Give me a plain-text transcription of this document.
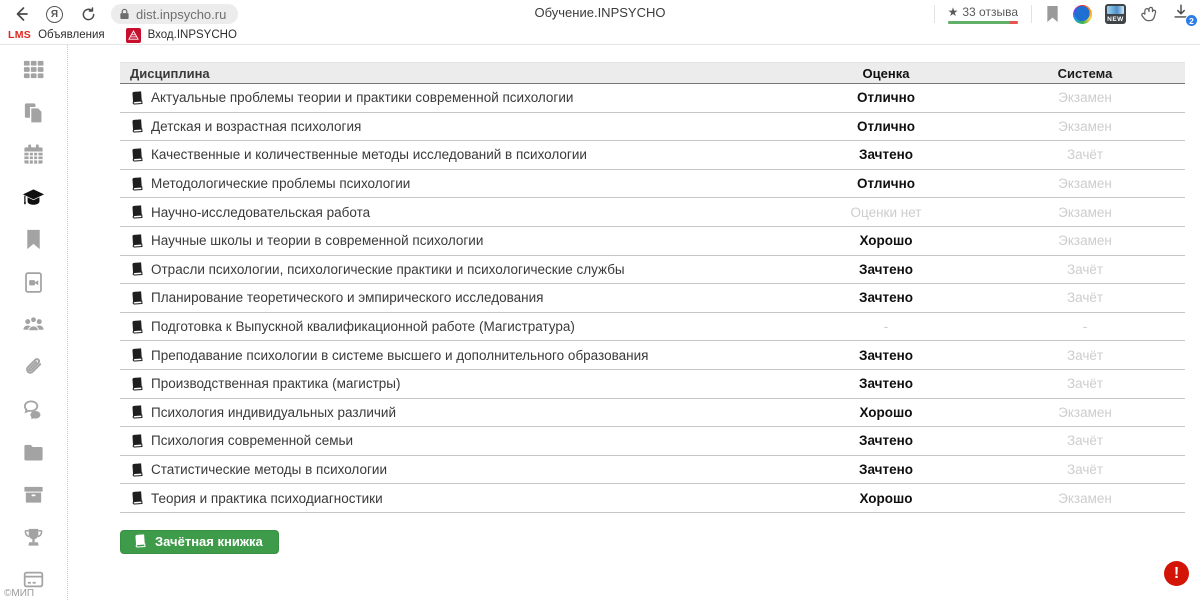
Я	dist.inpsycho.ru	Обучение.INPSYCHO	★ 33 отзыва
NEW	2
LMS Объявления	Вход.INPSYCHO
©МИП
Дисциплина	Оценка	Система
Актуальные проблемы теории и практики современной психологии	Отлично	Экзамен
Детская и возрастная психология	Отлично	Экзамен
Качественные и количественные методы исследований в психологии	Зачтено	Зачёт
Методологические проблемы психологии	Отлично	Экзамен
Научно-исследовательская работа	Оценки нет	Экзамен
Научные школы и теории в современной психологии	Хорошо	Экзамен
Отрасли психологии, психологические практики и психологические службы	Зачтено	Зачёт
Планирование теоретического и эмпирического исследования	Зачтено	Зачёт
Подготовка к Выпускной квалификационной работе (Магистратура)	-	-
Преподавание психологии в системе высшего и дополнительного образования	Зачтено	Зачёт
Производственная практика (магистры)	Зачтено	Зачёт
Психология индивидуальных различий	Хорошо	Экзамен
Психология современной семьи	Зачтено	Зачёт
Статистические методы в психологии	Зачтено	Зачёт
Теория и практика психодиагностики	Хорошо	Экзамен
Зачётная книжка
!
